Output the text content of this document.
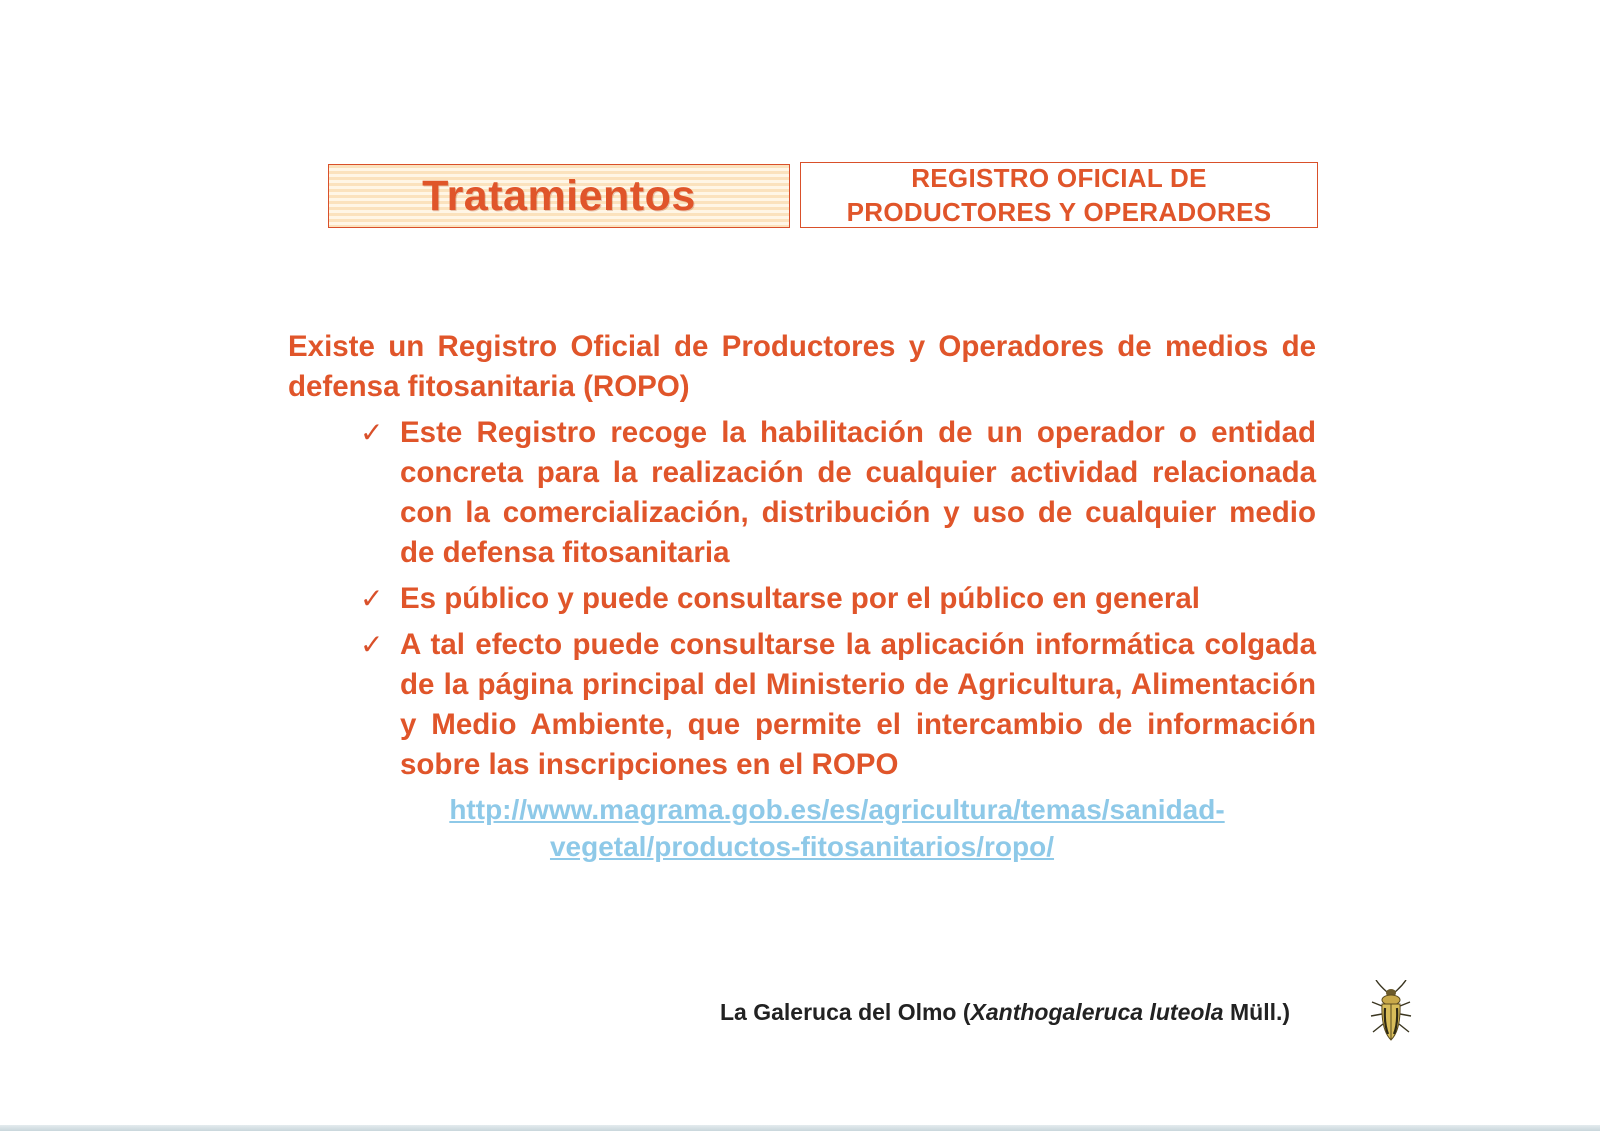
Tratamientos	REGISTRO OFICIAL DE
PRODUCTORES Y OPERADORES

Existe un Registro Oficial de Productores y Operadores de medios de defensa fitosanitaria (ROPO)

✓ Este Registro recoge la habilitación de un operador o entidad concreta para la realización de cualquier actividad relacionada con la comercialización, distribución y uso de cualquier medio de defensa fitosanitaria
✓ Es público y puede consultarse por el público en general
✓ A tal efecto puede consultarse la aplicación informática colgada de la página principal del Ministerio de Agricultura, Alimentación y Medio Ambiente, que permite el intercambio de información sobre las inscripciones en el ROPO
http://www.magrama.gob.es/es/agricultura/temas/sanidad-
vegetal/productos-fitosanitarios/ropo/
La Galeruca del Olmo (Xanthogaleruca luteola Müll.)
